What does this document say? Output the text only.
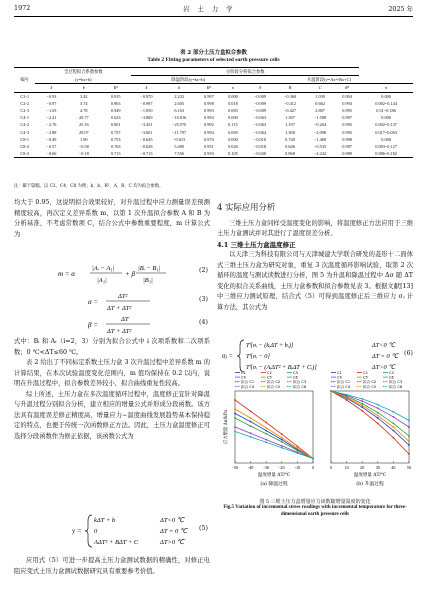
1972	岩 土 力 学	2025 年
表 2 部分土压力盒拟合参数
Table 2 Fitting parameters of selected earth pressure cells
编号	全过程拟合系数参数			分阶段分析拟合参数								
	(y=kx+b)			降温阶段(y=kx+b)				升温阶段(y=Ax²+Bx+C)				
	k	b	R²	k	b	R²	n	A	B	C	R²	n
C2-1	−0.93	3.42	0.915	−0.970	2.232	0.997	0.000	−0.009	−0.360	1.039	0.994	0.000
C2-2	−0.97	3.74	0.963	−0.987	2.605	0.998	0.018	−0.009	−0.412	0.662	0.994	0.002~0.144
C2-3	−1.03	4.78	0.949	−1.050	6.163	0.993	0.083	−0.009	−0.427	2.807	0.995	0.51~0.186
C4-1	−2.41	20.77	0.623	−3.869	−10.816	0.994	0.000	−0.063	1.387	−1.588	0.997	0.000
C4-2	−2.76	25.16	0.801	−3.431	−25.570	0.992	0.115	−0.063	1.197	−0.264	0.995	0.002~0.137
C4-3	−2.88	29.07	0.757	−3.601	−11.797	0.994	0.069	−0.064	1.300	−2.098	0.995	0.017~0.063
C8-1	−0.49	1.90	0.753	−0.645	−0.015	0.976	0.000	−0.018	0.740	−1.468	0.998	0.000
C8-2	−0.57	−0.58	0.763	−0.628	5.490	0.951	0.026	−0.018	0.646	−0.535	0.987	0.003~0.127
C8-3	−0.66	−0.18	0.713	−0.713	7.556	0.950	0.105	−0.020	0.868	−4.242	0.989	0.086~0.182
注：Ⅲ于篇幅，以 C2、C4、C8 为例；k、b、R²、A、B、C 均为拟合参数。

均大于 0.95，这说明拟合效果较好，对升温过程中应力测量误差预测精度较高，再次定义差异系数 m，以第 1 次升温拟合参数 A 和 B 为分析基准，不考虑常数项 C，结合公式中参数重要程度，m 计算公式为

m = α
|Aᵢ − A₁|
|A₁|
+ β
|Bᵢ − B₁|
|B₁|
(2)
α =
ΔT²
ΔT + ΔT²
(3)
β =
ΔT
ΔT + ΔT²
(4)

式中：Bᵢ 和 Aᵢ（i=2，3）分别为拟合公式中 i 次项系数和二次项系数；0 ℃<ΔT≤60 ℃。

表 2 给出了不同标定系数土压力盒 3 次升温过程中差异系数 m 的计算结果，在本次试验温度变化范围内，m 值均保持在 0.2 以内，说明在升温过程中，拟合参数差异较小，拟合曲线重复性较高。

综上所述，土压力盒在多次温度循环过程中，温度修正宜针对降温与升温过程分别拟合分析，建立相应的增量公式并形成分段函数。该方法具有温度误差修正精度高，增量应力−温度曲线发展趋势基本保持稳定的特点，也便于传统一次函数修正方法。因此，土压力盒温度修正可选择分段函数作为修正依据，该函数公式为

y =
kΔT + b
0
AΔT² + BΔT + C
ΔT<0 ℃
ΔT = 0 ℃
ΔT>0 ℃
(5)

应用式（5）可进一步提高土压力盒测试数据的精确性，对修正电阻应变式土压力盒测试数据研究具有重要参考价值。

4 实际应用分析

三维土压力盒同样受温度变化的影响，将温度修正方法应用于三维土压力盒测试并对其进行了温度误差分析。

4.1 三维土压力盒温度修正

以天津三为科技有限公司与天津城建大学联合研发的菱形十二面体式三维土压力盒为研究对象，重复 3 次温度循环影响试验，取第 2 次循环的温度与测试读数进行分析，图 5 为升温和降温过程中 Δσ 随 ΔT 变化的拟合关系曲线，土压力盒参数和拟合参数见表 3。根据文献[13]中三维应力测试原理，结合式（5）可得到温度修正后三维应力 σⱼ 计算方法，其公式为

σⱼ =
Tˡ[σᵢ − (kᵢΔT + bᵢ)]
Tˡ[σᵢ − 0]
Tˡ[σᵢ − (AᵢΔT² + BᵢΔT + Cᵢ)]
ΔT<0 ℃
ΔT = 0 ℃
ΔT>0 ℃
(6)
-50 -40 -30 -20 -10	0
温度增量 ΔT/℃
(a) 降温过程
C1	C2	C3
C4	C5	C6
拟合 C1	拟合 C2	拟合 C3
拟合 C4	拟合 C5	拟合 C6
0	10	20	30	40	50
温度增量 ΔT/℃
(b) 升温过程
C1	C2	C3
C4	C5	C6
拟合 C1	拟合 C2	拟合 C3
拟合 C4	拟合 C5	拟合 C6
应力增量 Δσ/kPa
图 5 三维土压力盒增量应力读数随增量温度的变化
Fig.5 Variation of incremental stress readings with incremental temperature for three-dimensional earth pressure cells
